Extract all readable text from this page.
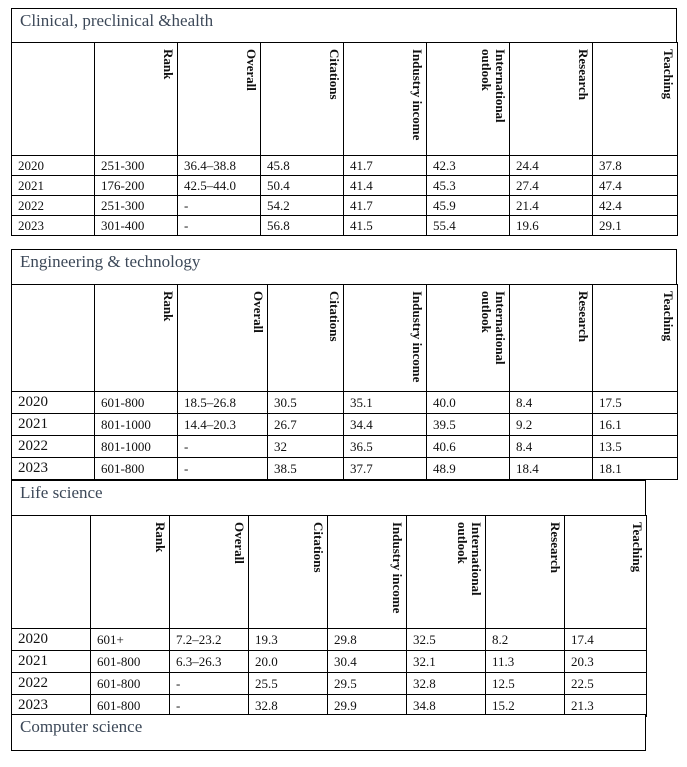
Clinical, preclinical &health

	Rank	Overall	Citations	Industry income	International outlook	Research	Teaching

2020	251-300	36.4–38.8	45.8	41.7	42.3	24.4	37.8
2021	176-200	42.5–44.0	50.4	41.4	45.3	27.4	47.4
2022	251-300	-	54.2	41.7	45.9	21.4	42.4
2023	301-400	-	56.8	41.5	55.4	19.6	29.1
Engineering & technology

	Rank	Overall	Citations	Industry income	International outlook	Research	Teaching

2020	601-800	18.5–26.8	30.5	35.1	40.0	8.4	17.5
2021	801-1000	14.4–20.3	26.7	34.4	39.5	9.2	16.1
2022	801-1000	-	32	36.5	40.6	8.4	13.5
2023	601-800	-	38.5	37.7	48.9	18.4	18.1
Life science

	Rank	Overall	Citations	Industry income	International outlook	Research	Teaching

2020	601+	7.2–23.2	19.3	29.8	32.5	8.2	17.4
2021	601-800	6.3–26.3	20.0	30.4	32.1	11.3	20.3
2022	601-800	-	25.5	29.5	32.8	12.5	22.5
2023	601-800	-	32.8	29.9	34.8	15.2	21.3
Computer science
